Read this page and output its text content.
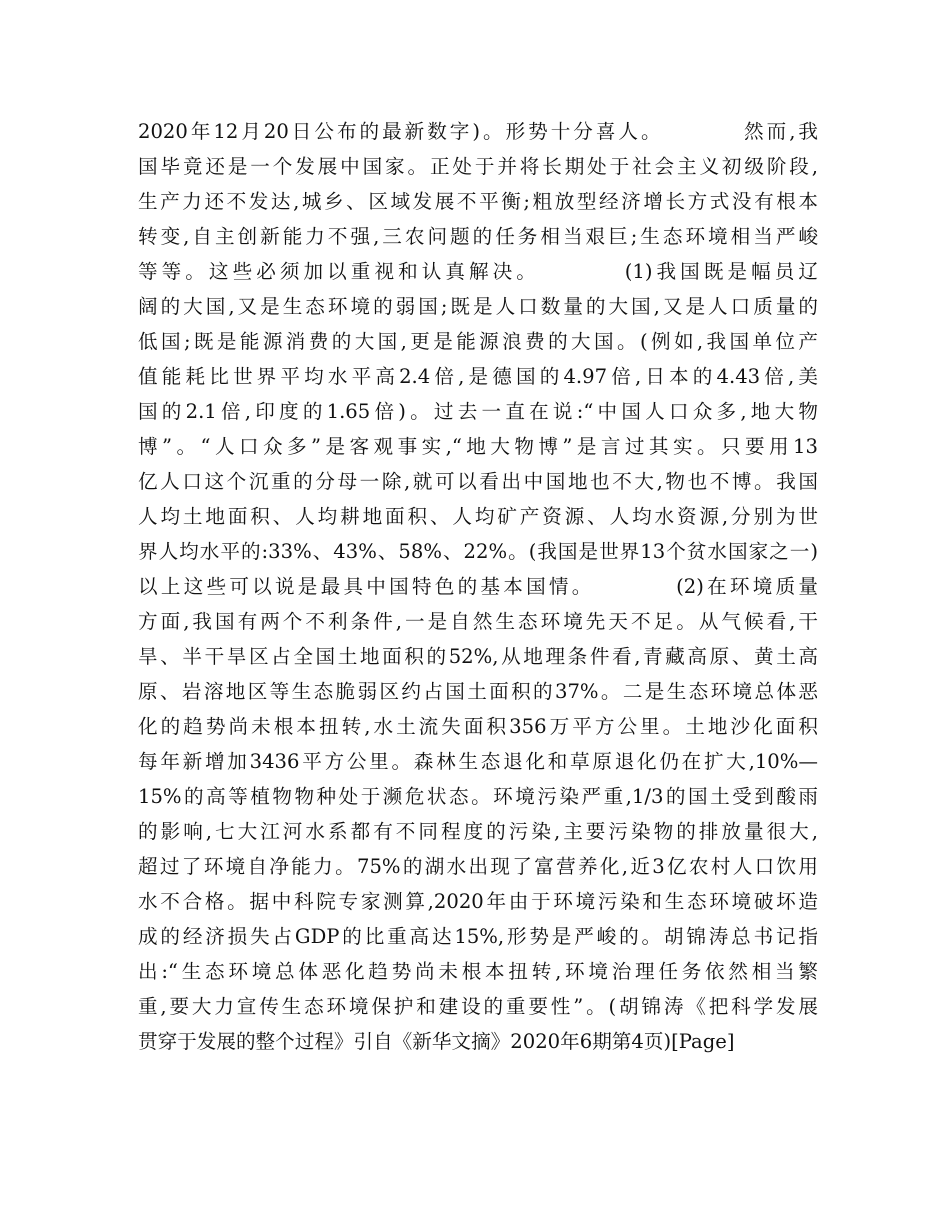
2020年12月20日公布的最新数字)。形势十分喜人。　　　　然而,我
国毕竟还是一个发展中国家。正处于并将长期处于社会主义初级阶段,
生产力还不发达,城乡、区域发展不平衡;粗放型经济增长方式没有根本
转变,自主创新能力不强,三农问题的任务相当艰巨;生态环境相当严峻
等等。这些必须加以重视和认真解决。　　　　(1)我国既是幅员辽
阔的大国,又是生态环境的弱国;既是人口数量的大国,又是人口质量的
低国;既是能源消费的大国,更是能源浪费的大国。(例如,我国单位产
值能耗比世界平均水平高2.4倍,是德国的4.97倍,日本的4.43倍,美
国的2.1倍,印度的1.65倍)。过去一直在说:“中国人口众多,地大物
博”。“人口众多”是客观事实,“地大物博”是言过其实。只要用13
亿人口这个沉重的分母一除,就可以看出中国地也不大,物也不博。我国
人均土地面积、人均耕地面积、人均矿产资源、人均水资源,分别为世
界人均水平的:33%、43%、58%、22%。(我国是世界13个贫水国家之一)
以上这些可以说是最具中国特色的基本国情。　　　　(2)在环境质量
方面,我国有两个不利条件,一是自然生态环境先天不足。从气候看,干
旱、半干旱区占全国土地面积的52%,从地理条件看,青藏高原、黄土高
原、岩溶地区等生态脆弱区约占国土面积的37%。二是生态环境总体恶
化的趋势尚未根本扭转,水土流失面积356万平方公里。土地沙化面积
每年新增加3436平方公里。森林生态退化和草原退化仍在扩大,10%—
15%的高等植物物种处于濒危状态。环境污染严重,1/3的国土受到酸雨
的影响,七大江河水系都有不同程度的污染,主要污染物的排放量很大,
超过了环境自净能力。75%的湖水出现了富营养化,近3亿农村人口饮用
水不合格。据中科院专家测算,2020年由于环境污染和生态环境破坏造
成的经济损失占GDP的比重高达15%,形势是严峻的。胡锦涛总书记指
出:“生态环境总体恶化趋势尚未根本扭转,环境治理任务依然相当繁
重,要大力宣传生态环境保护和建设的重要性”。(胡锦涛《把科学发展
贯穿于发展的整个过程》引自《新华文摘》2020年6期第4页)[Page]
